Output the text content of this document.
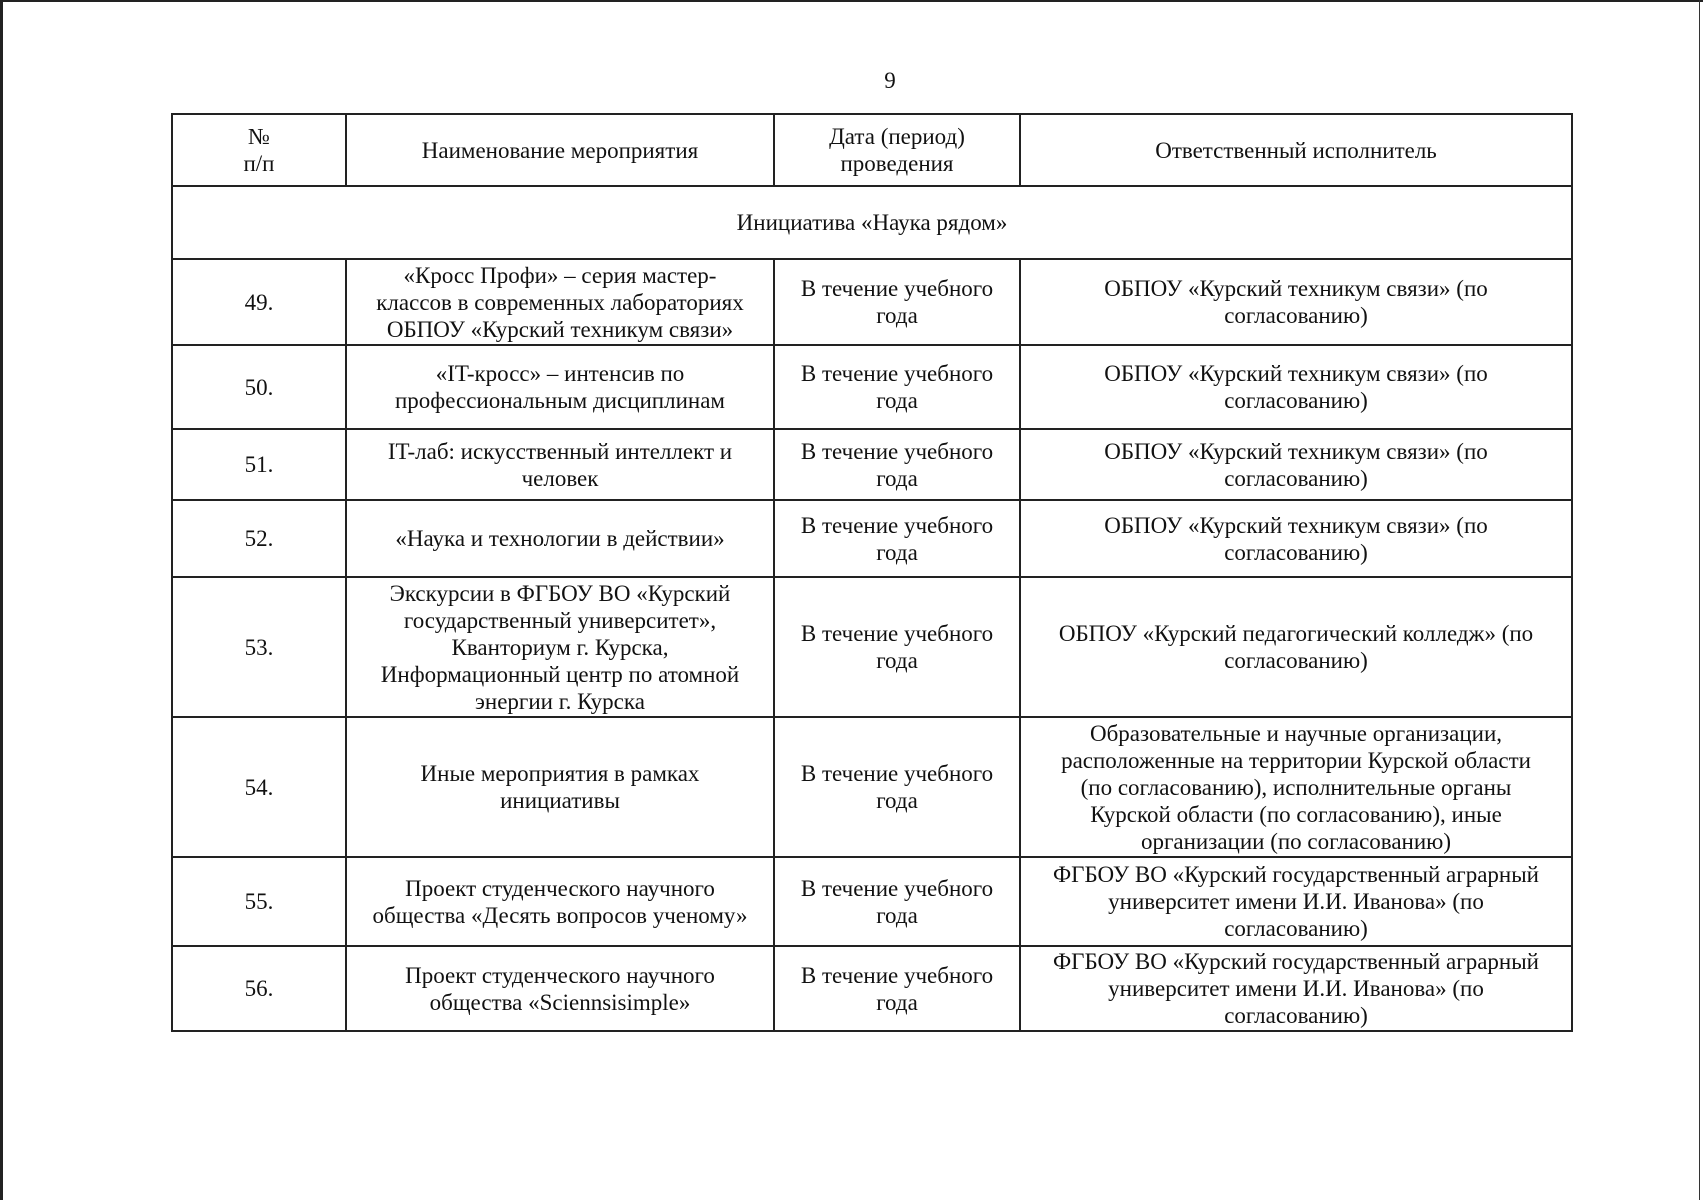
9
№
п/п	Наименование мероприятия	Дата (период)
проведения	Ответственный исполнитель
Инициатива «Наука рядом»			
49.	«Кросс Профи» – серия мастер-
классов в современных лабораториях
ОБПОУ «Курский техникум связи»	В течение учебного
года	ОБПОУ «Курский техникум связи» (по
согласованию)
50.	«IT-кросс» – интенсив по
профессиональным дисциплинам	В течение учебного
года	ОБПОУ «Курский техникум связи» (по
согласованию)
51.	IT-лаб: искусственный интеллект и
человек	В течение учебного
года	ОБПОУ «Курский техникум связи» (по
согласованию)
52.	«Наука и технологии в действии»	В течение учебного
года	ОБПОУ «Курский техникум связи» (по
согласованию)
53.	Экскурсии в ФГБОУ ВО «Курский
государственный университет»,
Кванториум г. Курска,
Информационный центр по атомной
энергии г. Курска	В течение учебного
года	ОБПОУ «Курский педагогический колледж» (по
согласованию)
54.	Иные мероприятия в рамках
инициативы	В течение учебного
года	Образовательные и научные организации,
расположенные на территории Курской области
(по согласованию), исполнительные органы
Курской области (по согласованию), иные
организации (по согласованию)
55.	Проект студенческого научного
общества «Десять вопросов ученому»	В течение учебного
года	ФГБОУ ВО «Курский государственный аграрный
университет имени И.И. Иванова» (по
согласованию)
56.	Проект студенческого научного
общества «Sciennsisimple»	В течение учебного
года	ФГБОУ ВО «Курский государственный аграрный
университет имени И.И. Иванова» (по
согласованию)
